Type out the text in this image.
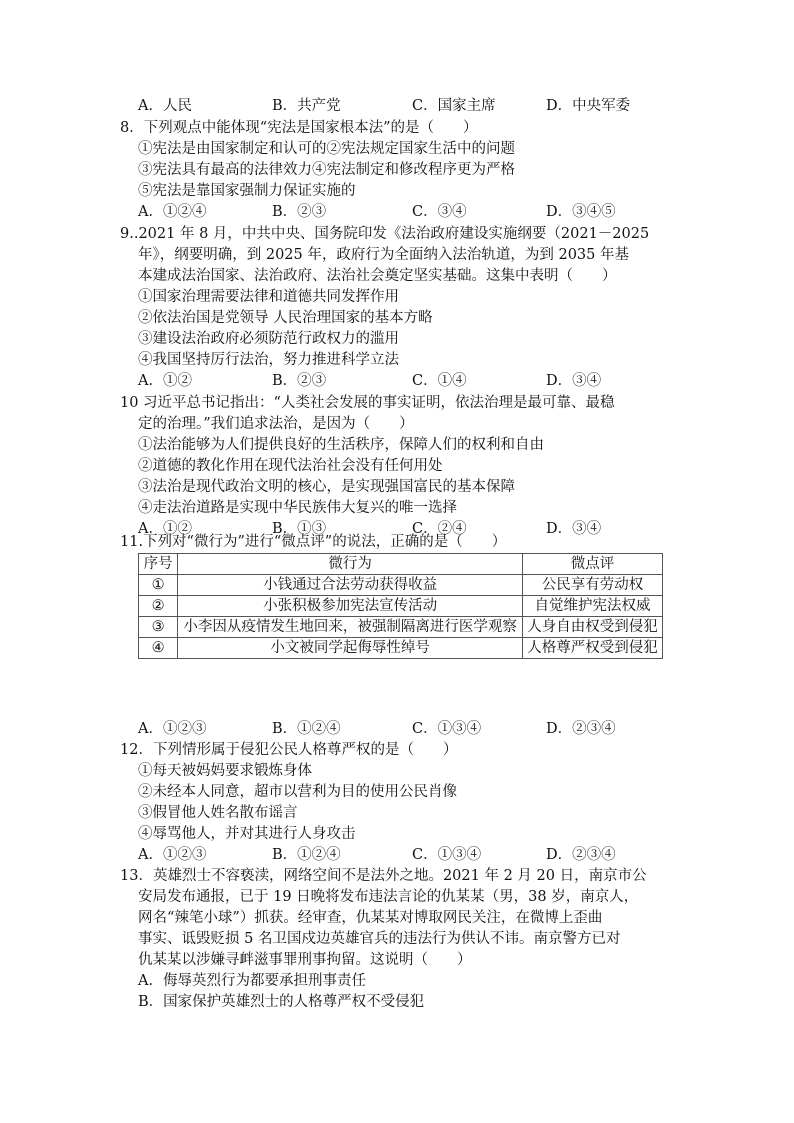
A．人民	B．共产党	C．国家主席	D．中央军委
8．下列观点中能体现“宪法是国家根本法”的是（　　）
①宪法是由国家制定和认可的②宪法规定国家生活中的问题
③宪法具有最高的法律效力④宪法制定和修改程序更为严格
⑤宪法是靠国家强制力保证实施的
A．①②④	B．②③	C．③④	D．③④⑤
9..2021 年 8 月，中共中央、国务院印发《法治政府建设实施纲要（2021－2025
年》，纲要明确，到 2025 年，政府行为全面纳入法治轨道，为到 2035 年基
本建成法治国家、法治政府、法治社会奠定坚实基础。这集中表明（　　）
①国家治理需要法律和道德共同发挥作用
②依法治国是党领导 人民治理国家的基本方略
③建设法治政府必须防范行政权力的滥用
④我国坚持厉行法治，努力推进科学立法
A．①②	B．②③	C．①④	D．③④
10 习近平总书记指出：“人类社会发展的事实证明，依法治理是最可靠、最稳
定的治理。”我们追求法治，是因为（　　）
①法治能够为人们提供良好的生活秩序，保障人们的权利和自由
②道德的教化作用在现代法治社会没有任何用处
③法治是现代政治文明的核心，是实现强国富民的基本保障
④走法治道路是实现中华民族伟大复兴的唯一选择
A．①②	B．①③	C．②④	D．③④
11.下列对“微行为”进行“微点评”的说法，正确的是（　　）
序号	微行为	微点评
①	小钱通过合法劳动获得收益	公民享有劳动权
②	小张积极参加宪法宣传活动	自觉维护宪法权威
③	小李因从疫情发生地回来，被强制隔离进行医学观察	人身自由权受到侵犯
④	小文被同学起侮辱性绰号	人格尊严权受到侵犯
A．①②③	B．①②④	C．①③④	D．②③④
12．下列情形属于侵犯公民人格尊严权的是（　　）
①每天被妈妈要求锻炼身体
②未经本人同意，超市以营利为目的使用公民肖像
③假冒他人姓名散布谣言
④辱骂他人，并对其进行人身攻击
A．①②③	B．①②④	C．①③④	D．②③④
13．英雄烈士不容亵渎，网络空间不是法外之地。2021 年 2 月 20 日，南京市公
安局发布通报，已于 19 日晚将发布违法言论的仇某某（男，38 岁，南京人，
网名“辣笔小球”）抓获。经审查，仇某某对博取网民关注，在微博上歪曲
事实、诋毁贬损 5 名卫国戍边英雄官兵的违法行为供认不讳。南京警方已对
仇某某以涉嫌寻衅滋事罪刑事拘留。这说明（　　）
A．侮辱英烈行为都要承担刑事责任
B．国家保护英雄烈士的人格尊严权不受侵犯
